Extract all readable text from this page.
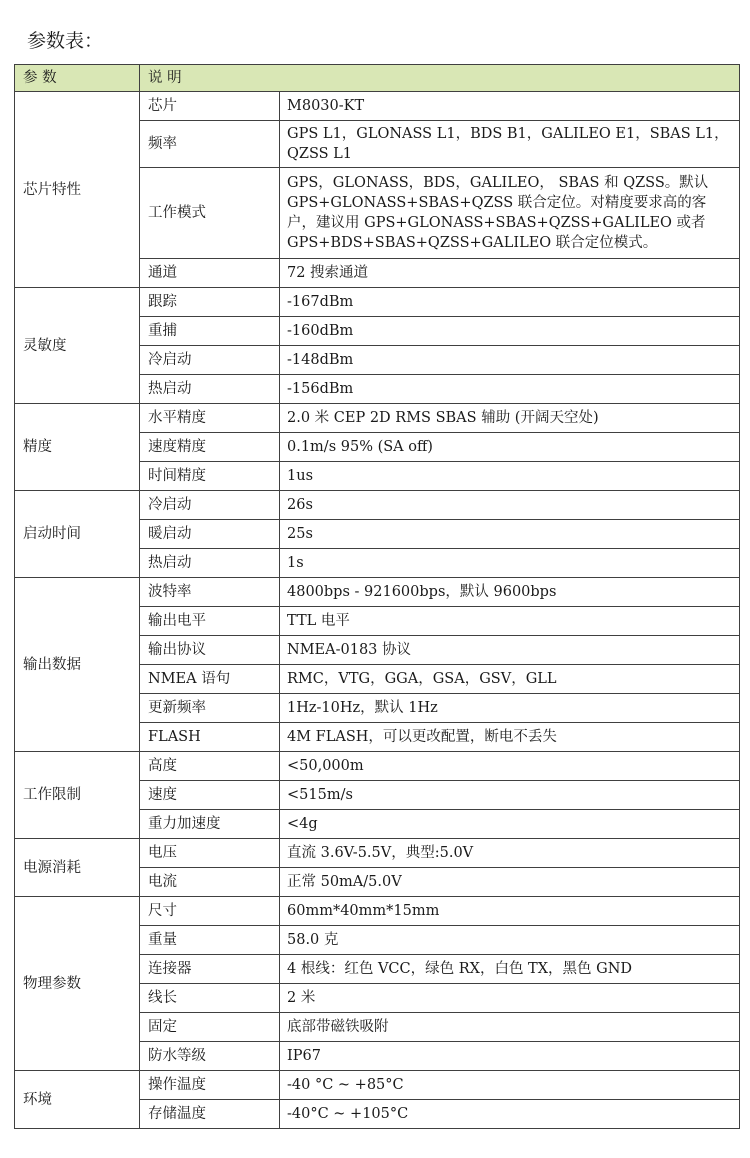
参数表：
参 数	说 明	
芯片特性	芯片	M8030-KT
	频率	GPS L1，GLONASS L1，BDS B1，GALILEO E1，SBAS L1，QZSS L1
	工作模式	GPS，GLONASS，BDS，GALILEO， SBAS 和 QZSS。默认 GPS+GLONASS+SBAS+QZSS 联合定位。对精度要求高的客户，建议用 GPS+GLONASS+SBAS+QZSS+GALILEO 或者 GPS+BDS+SBAS+QZSS+GALILEO 联合定位模式。
	通道	72 搜索通道
灵敏度	跟踪	-167dBm
	重捕	-160dBm
	冷启动	-148dBm
	热启动	-156dBm
精度	水平精度	2.0 米 CEP 2D RMS SBAS 辅助 (开阔天空处)
	速度精度	0.1m/s 95% (SA off)
	时间精度	1us
启动时间	冷启动	26s
	暖启动	25s
	热启动	1s
输出数据	波特率	4800bps - 921600bps，默认 9600bps
	输出电平	TTL 电平
	输出协议	NMEA-0183 协议
	NMEA 语句	RMC，VTG，GGA，GSA，GSV，GLL
	更新频率	1Hz-10Hz，默认 1Hz
	FLASH	4M FLASH，可以更改配置，断电不丢失
工作限制	高度	<50,000m
	速度	<515m/s
	重力加速度	<4g
电源消耗	电压	直流 3.6V-5.5V，典型:5.0V
	电流	正常 50mA/5.0V
物理参数	尺寸	60mm*40mm*15mm
	重量	58.0 克
	连接器	4 根线：红色 VCC，绿色 RX，白色 TX，黑色 GND
	线长	2 米
	固定	底部带磁铁吸附
	防水等级	IP67
环境	操作温度	-40 °C ~ +85°C
	存储温度	-40°C ~ +105°C
